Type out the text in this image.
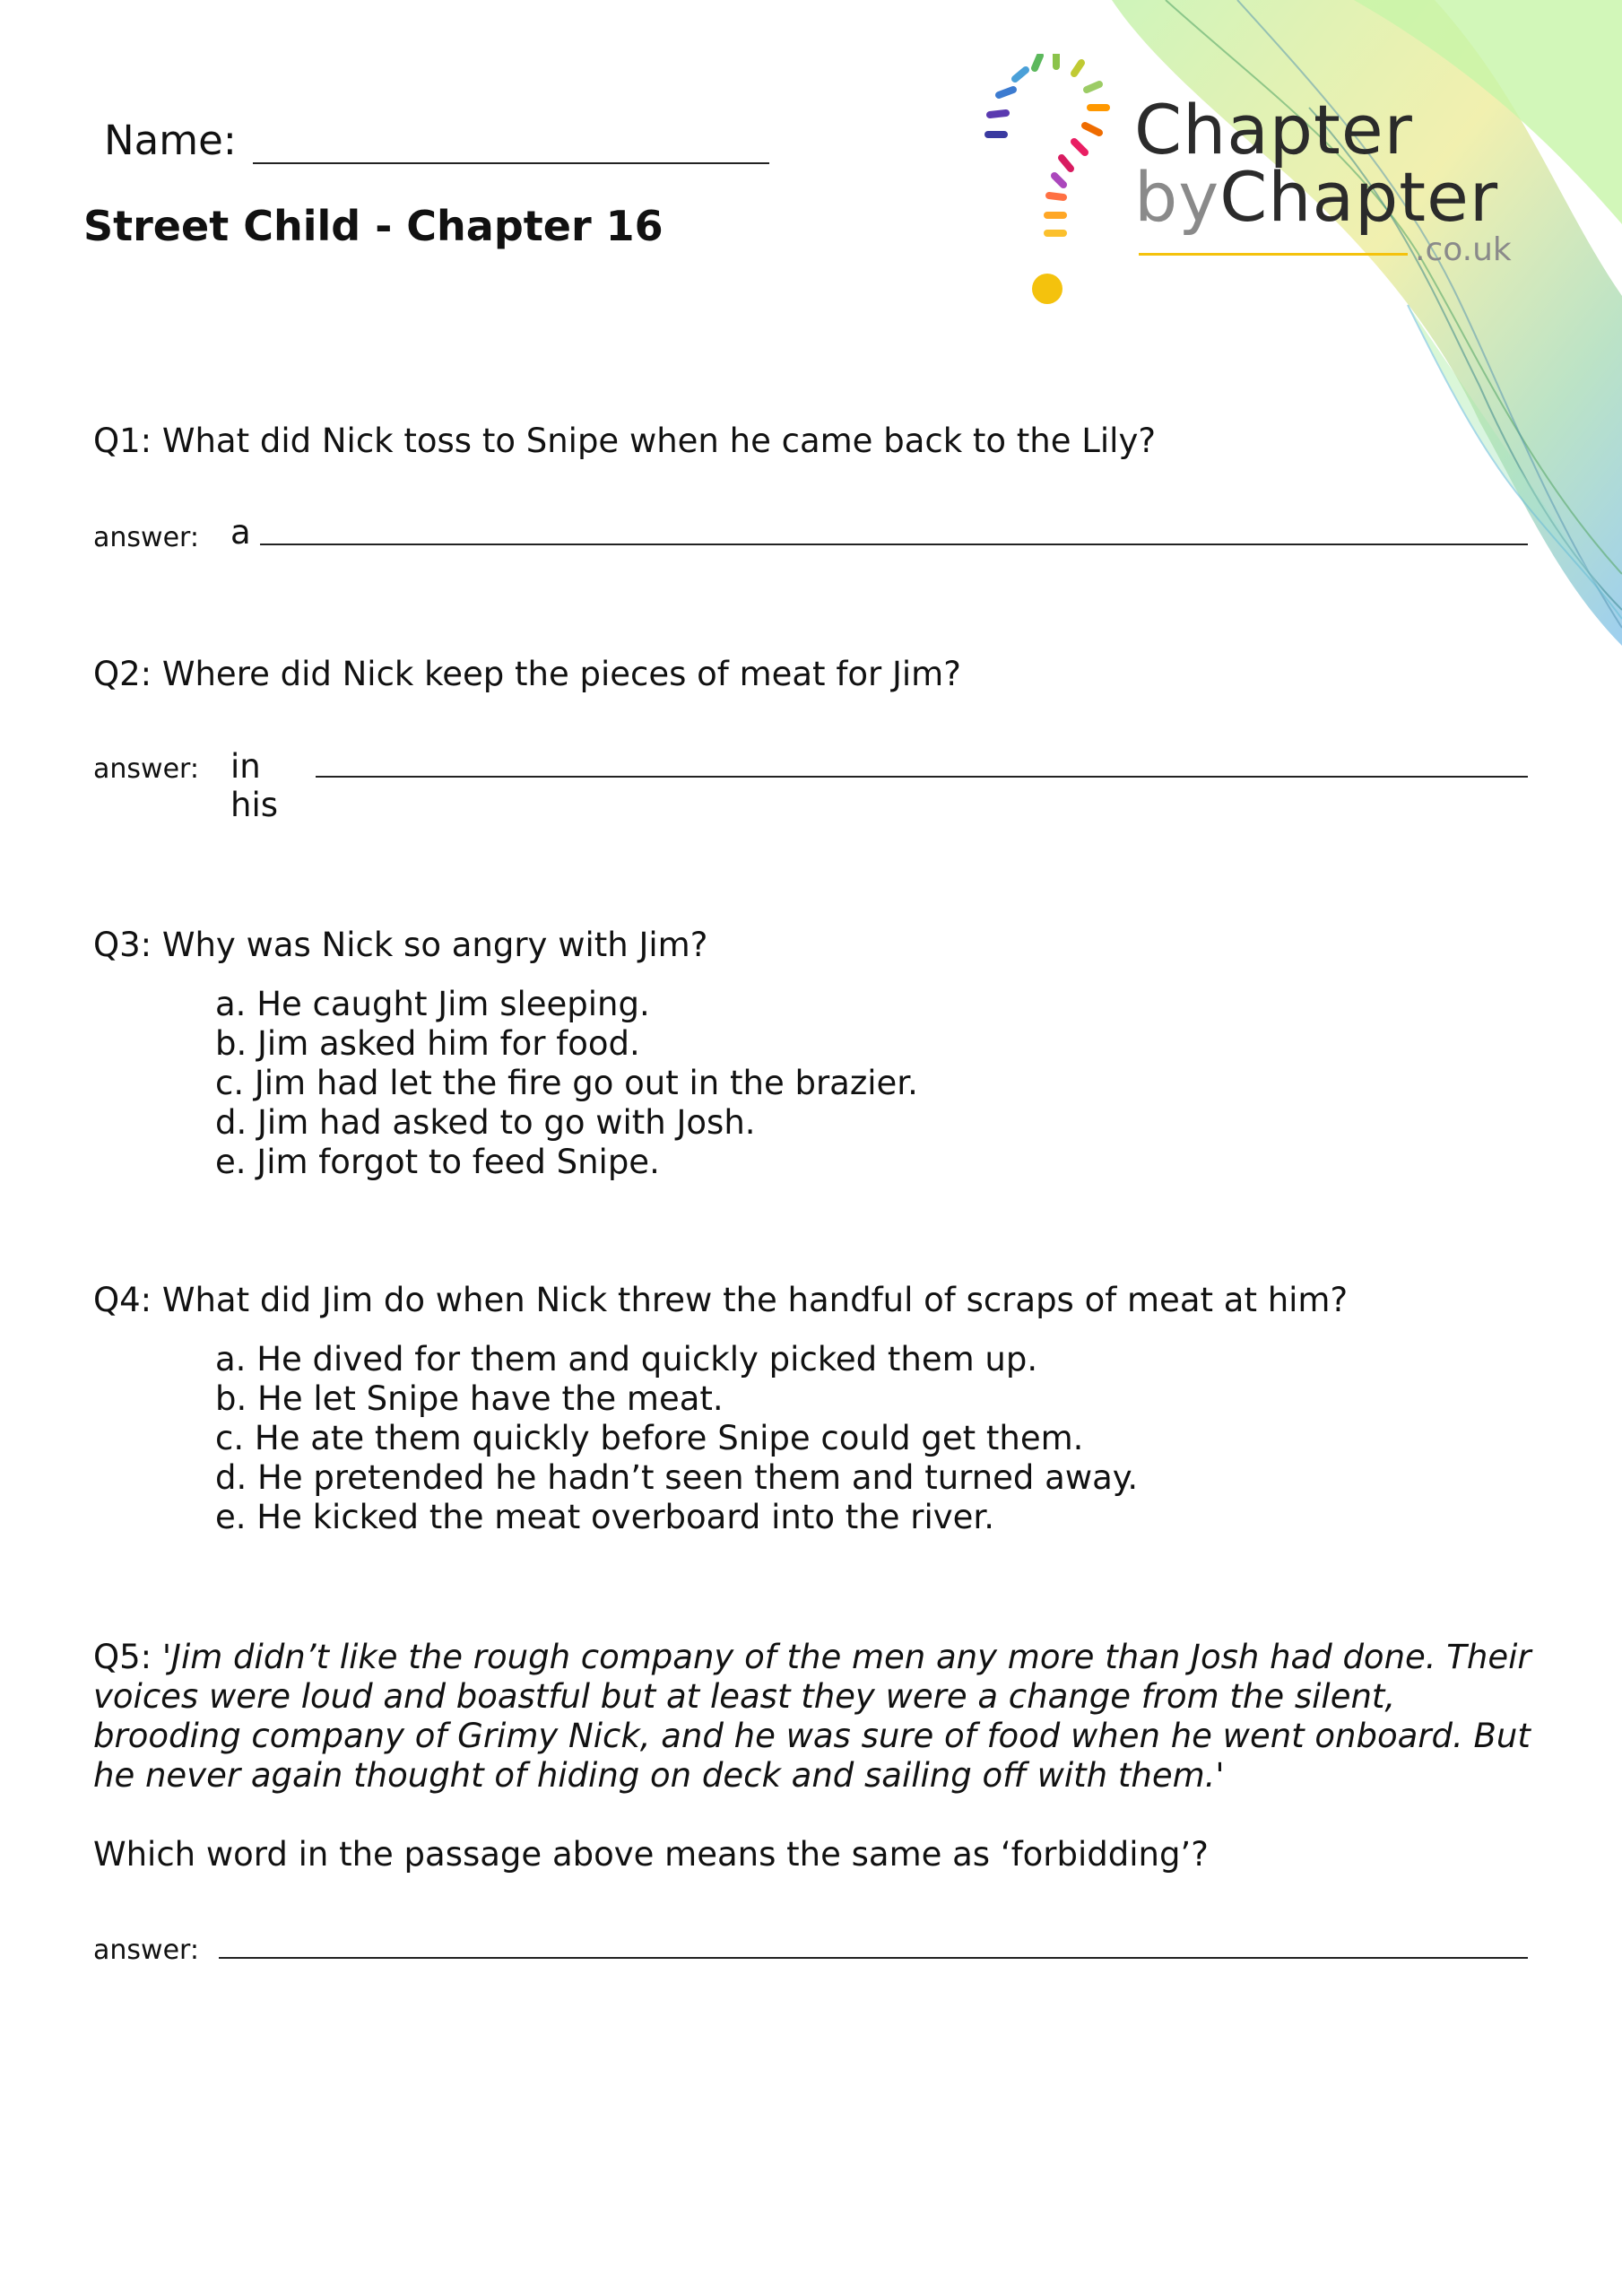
Name:
Street Child - Chapter 16
Chapter
byChapter
.co.uk
Q1: What did Nick toss to Snipe when he came back to the Lily?
answer: a
Q2: Where did Nick keep the pieces of meat for Jim?
answer: in
his
Q3: Why was Nick so angry with Jim?

a. He caught Jim sleeping.

b. Jim asked him for food.

c. Jim had let the fire go out in the brazier.

d. Jim had asked to go with Josh.

e. Jim forgot to feed Snipe.

Q4: What did Jim do when Nick threw the handful of scraps of meat at him?

a. He dived for them and quickly picked them up.

b. He let Snipe have the meat.

c. He ate them quickly before Snipe could get them.

d. He pretended he hadn’t seen them and turned away.

e. He kicked the meat overboard into the river.

Q5: 'Jim didn’t like the rough company of the men any more than Josh had done. Their

voices were loud and boastful but at least they were a change from the silent,

brooding company of Grimy Nick, and he was sure of food when he went onboard. But

he never again thought of hiding on deck and sailing off with them.'

Which word in the passage above means the same as ‘forbidding’?
answer:
